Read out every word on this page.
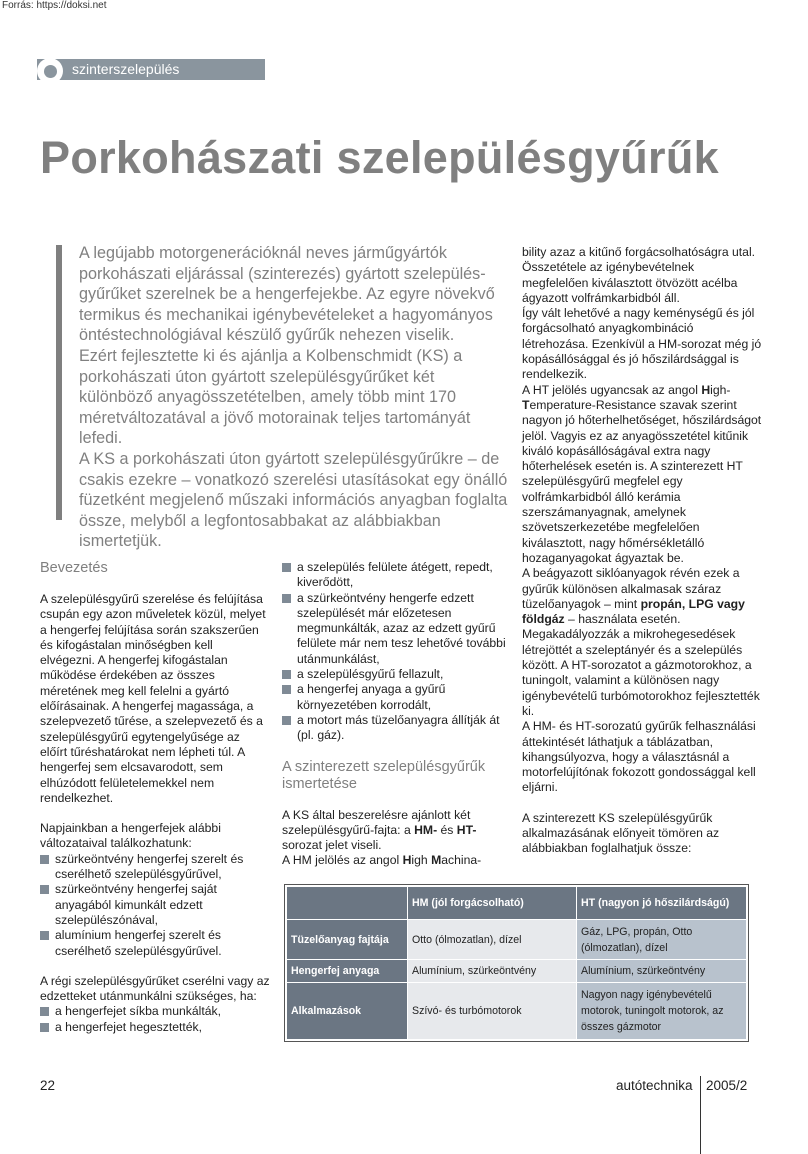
Forrás: https://doksi.net
szinterszelepülés
Porkohászati szelepülésgyűrűk

A legújabb motorgenerációknál neves járműgyártók porkohászati eljárással (szinterezés) gyártott szelepülés-gyűrűket szerelnek be a hengerfejekbe. Az egyre növekvő termikus és mechanikai igénybevételeket a hagyományos öntéstechnológiával készülő gyűrűk nehezen viselik.

Ezért fejlesztette ki és ajánlja a Kolbenschmidt (KS) a porkohászati úton gyártott szelepülésgyűrűket két különböző anyagösszetételben, amely több mint 170 méretváltozatával a jövő motorainak teljes tartományát lefedi.

A KS a porkohászati úton gyártott szelepülésgyűrűkre – de csakis ezekre – vonatkozó szerelési utasításokat egy önálló füzetként megjelenő műszaki információs anyagban foglalta össze, melyből a legfontosabbakat az alábbiakban ismertetjük.

Bevezetés

A szelepülésgyűrű szerelése és felújítása csupán egy azon műveletek közül, melyet a hengerfej felújítása során szakszerűen és kifogástalan minőségben kell elvégezni. A hengerfej kifogástalan működése érdekében az összes méretének meg kell felelni a gyártó előírásainak. A hengerfej magassága, a szelepvezető tűrése, a szelepvezető és a szelepülésgyűrű egytengelyűsége az előírt tűréshatárokat nem lépheti túl. A hengerfej sem elcsavarodott, sem elhúzódott felületelemekkel nem rendelkezhet.

Napjainkban a hengerfejek alábbi változataival találkozhatunk:

szürkeöntvény hengerfej szerelt és cserélhető szelepülésgyűrűvel,
szürkeöntvény hengerfej saját anyagából kimunkált edzett szelepülészónával,
alumínium hengerfej szerelt és cserélhető szelepülésgyűrűvel.

A régi szelepülésgyűrűket cserélni vagy az edzetteket utánmunkálni szükséges, ha:

a hengerfejet síkba munkálták,
a hengerfejet hegesztették,
a szelepülés felülete átégett, repedt, kiverődött,
a szürkeöntvény hengerfe edzett szelepülését már előzetesen megmunkálták, azaz az edzett gyűrű felülete már nem tesz lehetővé további utánmunkálást,
a szelepülésgyűrű fellazult,
a hengerfej anyaga a gyűrű környezetében korrodált,
a motort más tüzelőanyagra állítják át (pl. gáz).
A szinterezett szelepülésgyűrűk ismertetése

A KS által beszerelésre ajánlott két szelepülésgyűrű-fajta: a HM- és HT-sorozat jelet viseli.

A HM jelölés az angol High Machina-

bility azaz a kitűnő forgácsolhatóságra utal. Összetétele az igénybevételnek megfelelően kiválasztott ötvözött acélba ágyazott volfrámkarbidból áll.

Így vált lehetővé a nagy keménységű és jól forgácsolható anyagkombináció létrehozása. Ezenkívül a HM-sorozat még jó kopásállósággal és jó hőszilárdsággal is rendelkezik.

A HT jelölés ugyancsak az angol High-Temperature-Resistance szavak szerint nagyon jó hőterhelhetőséget, hőszilárdságot jelöl. Vagyis ez az anyagösszetétel kitűnik kiváló kopásállóságával extra nagy hőterhelések esetén is. A szinterezett HT szelepülésgyűrű megfelel egy volfrámkarbidból álló kerámia szerszámanyagnak, amelynek szövetszerkezetébe megfelelően kiválasztott, nagy hőmérsékletálló hozaganyagokat ágyaztak be.

A beágyazott siklóanyagok révén ezek a gyűrűk különösen alkalmasak száraz tüzelőanyagok – mint propán, LPG vagy földgáz – használata esetén. Megakadályozzák a mikrohegesedések létrejöttét a szeleptányér és a szelepülés között. A HT-sorozatot a gázmotorokhoz, a tuningolt, valamint a különösen nagy igénybevételű turbómotorokhoz fejlesztették ki.

A HM- és HT-sorozatú gyűrűk felhasználási áttekintését láthatjuk a táblázatban, kihangsúlyozva, hogy a választásnál a motorfelújítónak fokozott gondossággal kell eljárni.

A szinterezett KS szelepülésgyűrűk alkalmazásának előnyeit tömören az alábbiakban foglalhatjuk össze:

	HM (jól forgácsolható)	HT (nagyon jó hőszilárdságú)
Tüzelőanyag fajtája	Otto (ólmozatlan), dízel	Gáz, LPG, propán, Otto (ólmozatlan), dízel
Hengerfej anyaga	Alumínium, szürkeöntvény	Alumínium, szürkeöntvény
Alkalmazások	Szívó- és turbómotorok	Nagyon nagy igénybevételű motorok, tuningolt motorok, az összes gázmotor
22	autótechnika 2005/2
